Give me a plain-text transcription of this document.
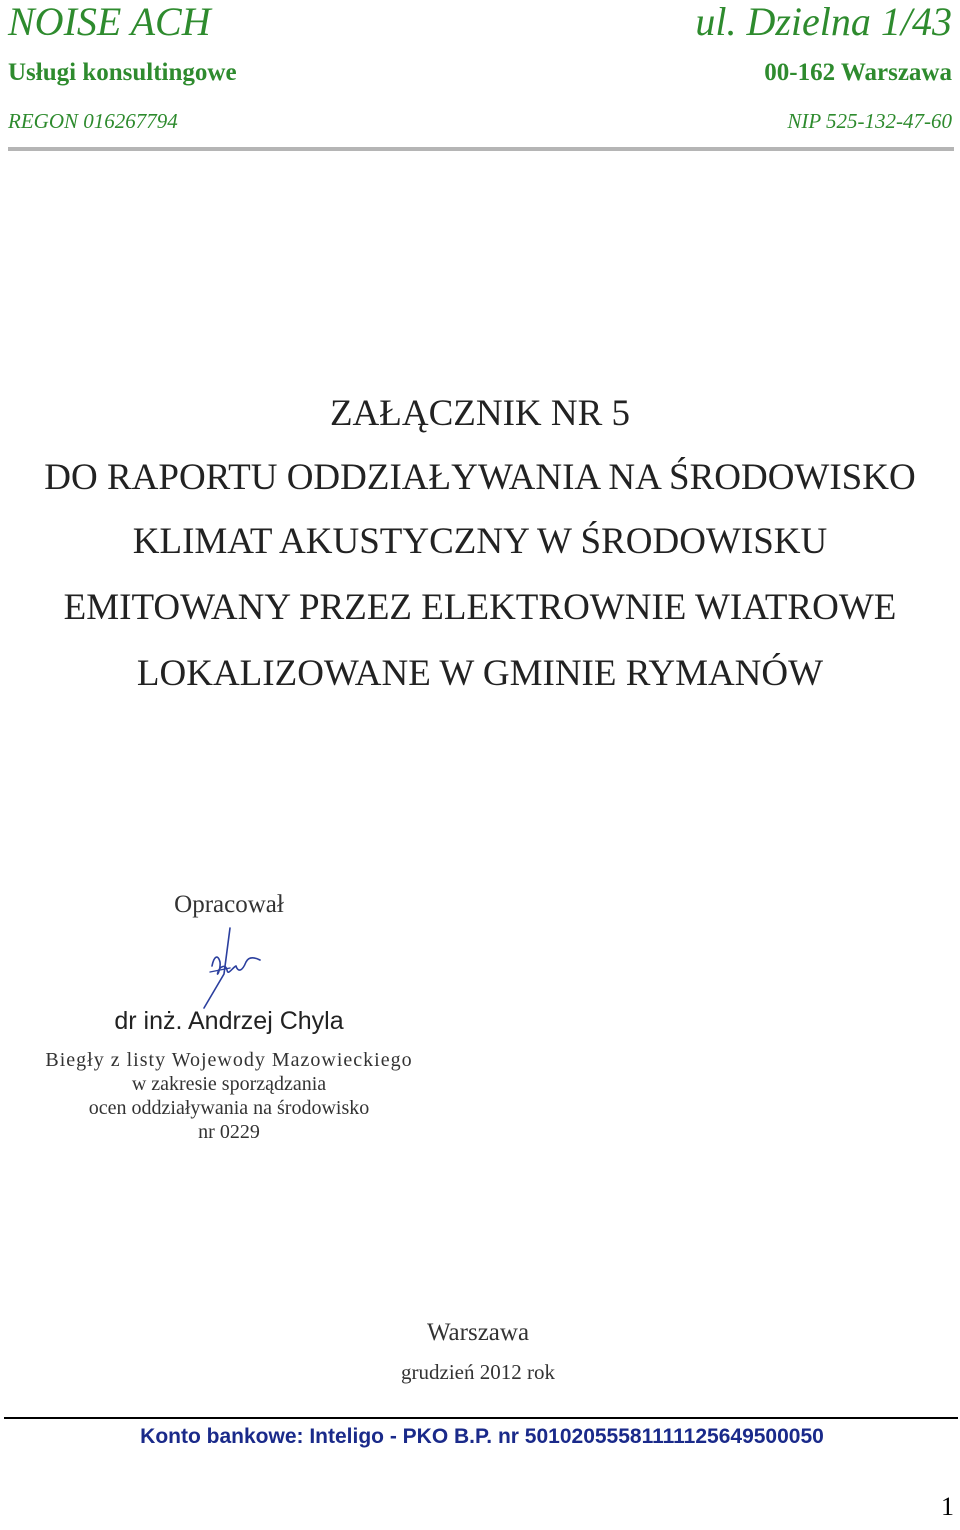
NOISE ACH	ul. Dzielna 1/43
Usługi konsultingowe	00-162 Warszawa
REGON 016267794	NIP 525-132-47-60
ZAŁĄCZNIK NR 5
DO RAPORTU ODDZIAŁYWANIA NA ŚRODOWISKO
KLIMAT AKUSTYCZNY W ŚRODOWISKU
EMITOWANY PRZEZ ELEKTROWNIE WIATROWE
LOKALIZOWANE W GMINIE RYMANÓW
Opracował
dr inż. Andrzej Chyla
Biegły z listy Wojewody Mazowieckiego
w zakresie sporządzania
ocen oddziaływania na środowisko
nr 0229
Warszawa
grudzień 2012 rok
Konto bankowe: Inteligo - PKO B.P. nr 50102055581111125649500050
1
